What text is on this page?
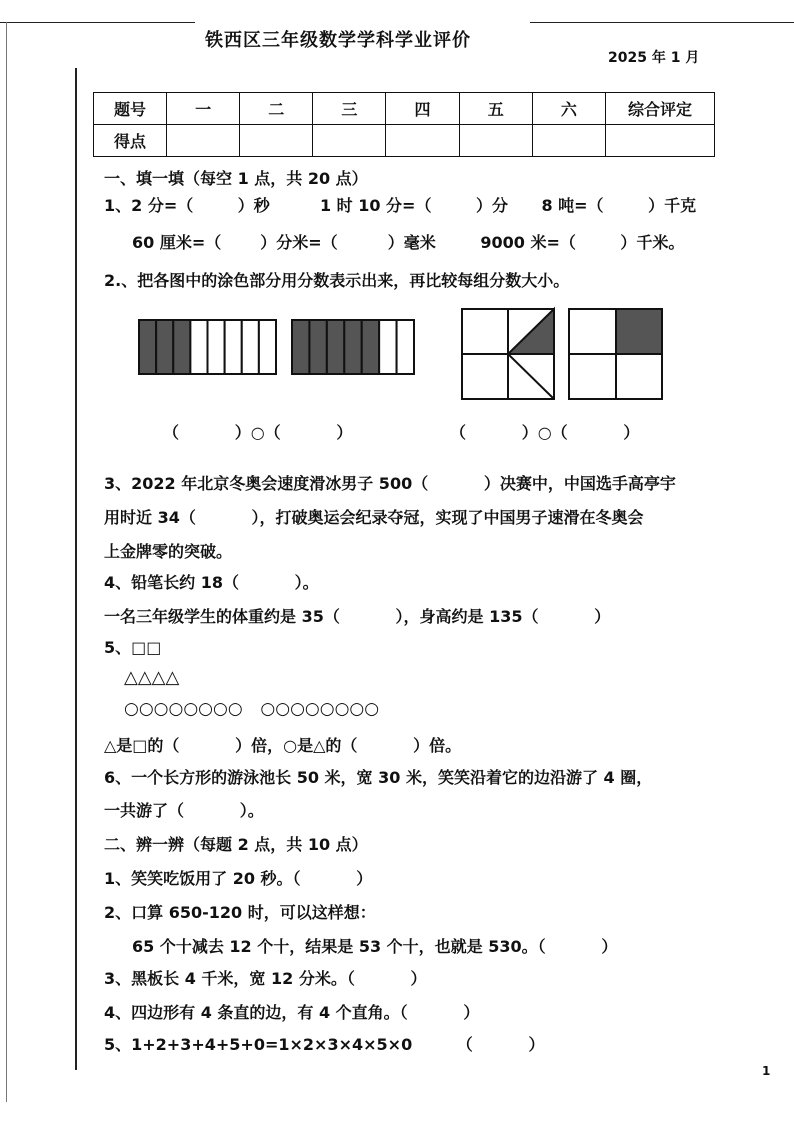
铁西区三年级数学学科学业评价
2025 年 1 月
题号	一	二	三	四	五	六	综合评定
得点							
一、填一填（每空 1 点，共 20 点）
1、2 分=（        ）秒         1 时 10 分=（        ）分      8 吨=（        ）千克
60 厘米=（       ）分米=（         ）毫米        9000 米=（        ）千米。
2.、把各图中的涂色部分用分数表示出来，再比较每组分数大小。
（          ）○（          ）	（          ）○（          ）
3、2022 年北京冬奥会速度滑冰男子 500（          ）决赛中，中国选手高亭宇
用时近 34（          ），打破奥运会纪录夺冠，实现了中国男子速滑在冬奥会
上金牌零的突破。
4、铅笔长约 18（          ）。
一名三年级学生的体重约是 35（          ），身高约是 135（          ）
5、□□
△△△△
○○○○○○○○   ○○○○○○○○
△是□的（          ）倍，○是△的（          ）倍。
6、一个长方形的游泳池长 50 米，宽 30 米，笑笑沿着它的边沿游了 4 圈，
一共游了（          ）。
二、辨一辨（每题 2 点，共 10 点）
1、笑笑吃饭用了 20 秒。（          ）
2、口算 650-120 时，可以这样想：
65 个十减去 12 个十，结果是 53 个十，也就是 530。（          ）
3、黑板长 4 千米，宽 12 分米。（          ）
4、四边形有 4 条直的边，有 4 个直角。（          ）
5、1+2+3+4+5+0=1×2×3×4×5×0        （          ）
1
